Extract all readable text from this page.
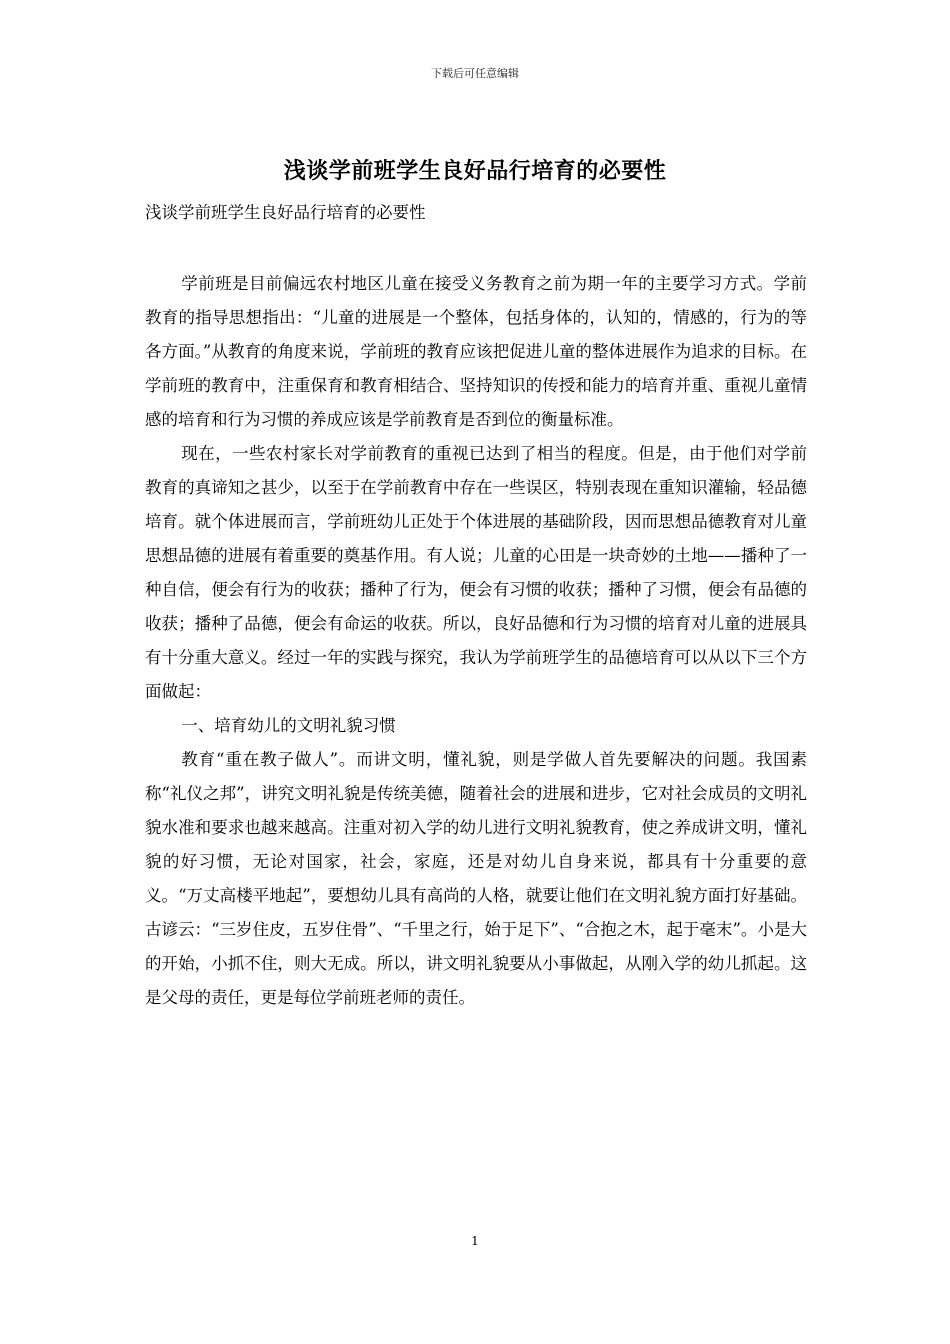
下载后可任意编辑
浅谈学前班学生良好品行培育的必要性
浅谈学前班学生良好品行培育的必要性

学前班是目前偏远农村地区儿童在接受义务教育之前为期一年的主要学习方式。学前教育的指导思想指出：“儿童的进展是一个整体，包括身体的，认知的，情感的，行为的等各方面。”从教育的角度来说，学前班的教育应该把促进儿童的整体进展作为追求的目标。在学前班的教育中，注重保育和教育相结合、坚持知识的传授和能力的培育并重、重视儿童情感的培育和行为习惯的养成应该是学前教育是否到位的衡量标准。

现在，一些农村家长对学前教育的重视已达到了相当的程度。但是，由于他们对学前教育的真谛知之甚少，以至于在学前教育中存在一些误区，特别表现在重知识灌输，轻品德培育。就个体进展而言，学前班幼儿正处于个体进展的基础阶段，因而思想品德教育对儿童思想品德的进展有着重要的奠基作用。有人说；儿童的心田是一块奇妙的土地——播种了一种自信，便会有行为的收获；播种了行为，便会有习惯的收获；播种了习惯，便会有品德的收获；播种了品德，便会有命运的收获。所以，良好品德和行为习惯的培育对儿童的进展具有十分重大意义。经过一年的实践与探究，我认为学前班学生的品德培育可以从以下三个方面做起：

一、培育幼儿的文明礼貌习惯

教育“重在教子做人”。而讲文明，懂礼貌，则是学做人首先要解决的问题。我国素称“礼仪之邦”，讲究文明礼貌是传统美德，随着社会的进展和进步，它对社会成员的文明礼貌水准和要求也越来越高。注重对初入学的幼儿进行文明礼貌教育，使之养成讲文明，懂礼貌的好习惯，无论对国家，社会，家庭，还是对幼儿自身来说，都具有十分重要的意义。“万丈高楼平地起”，要想幼儿具有高尚的人格，就要让他们在文明礼貌方面打好基础。古谚云：“三岁住皮，五岁住骨”、“千里之行，始于足下”、“合抱之木，起于毫末”。小是大的开始，小抓不住，则大无成。所以，讲文明礼貌要从小事做起，从刚入学的幼儿抓起。这是父母的责任，更是每位学前班老师的责任。

1
